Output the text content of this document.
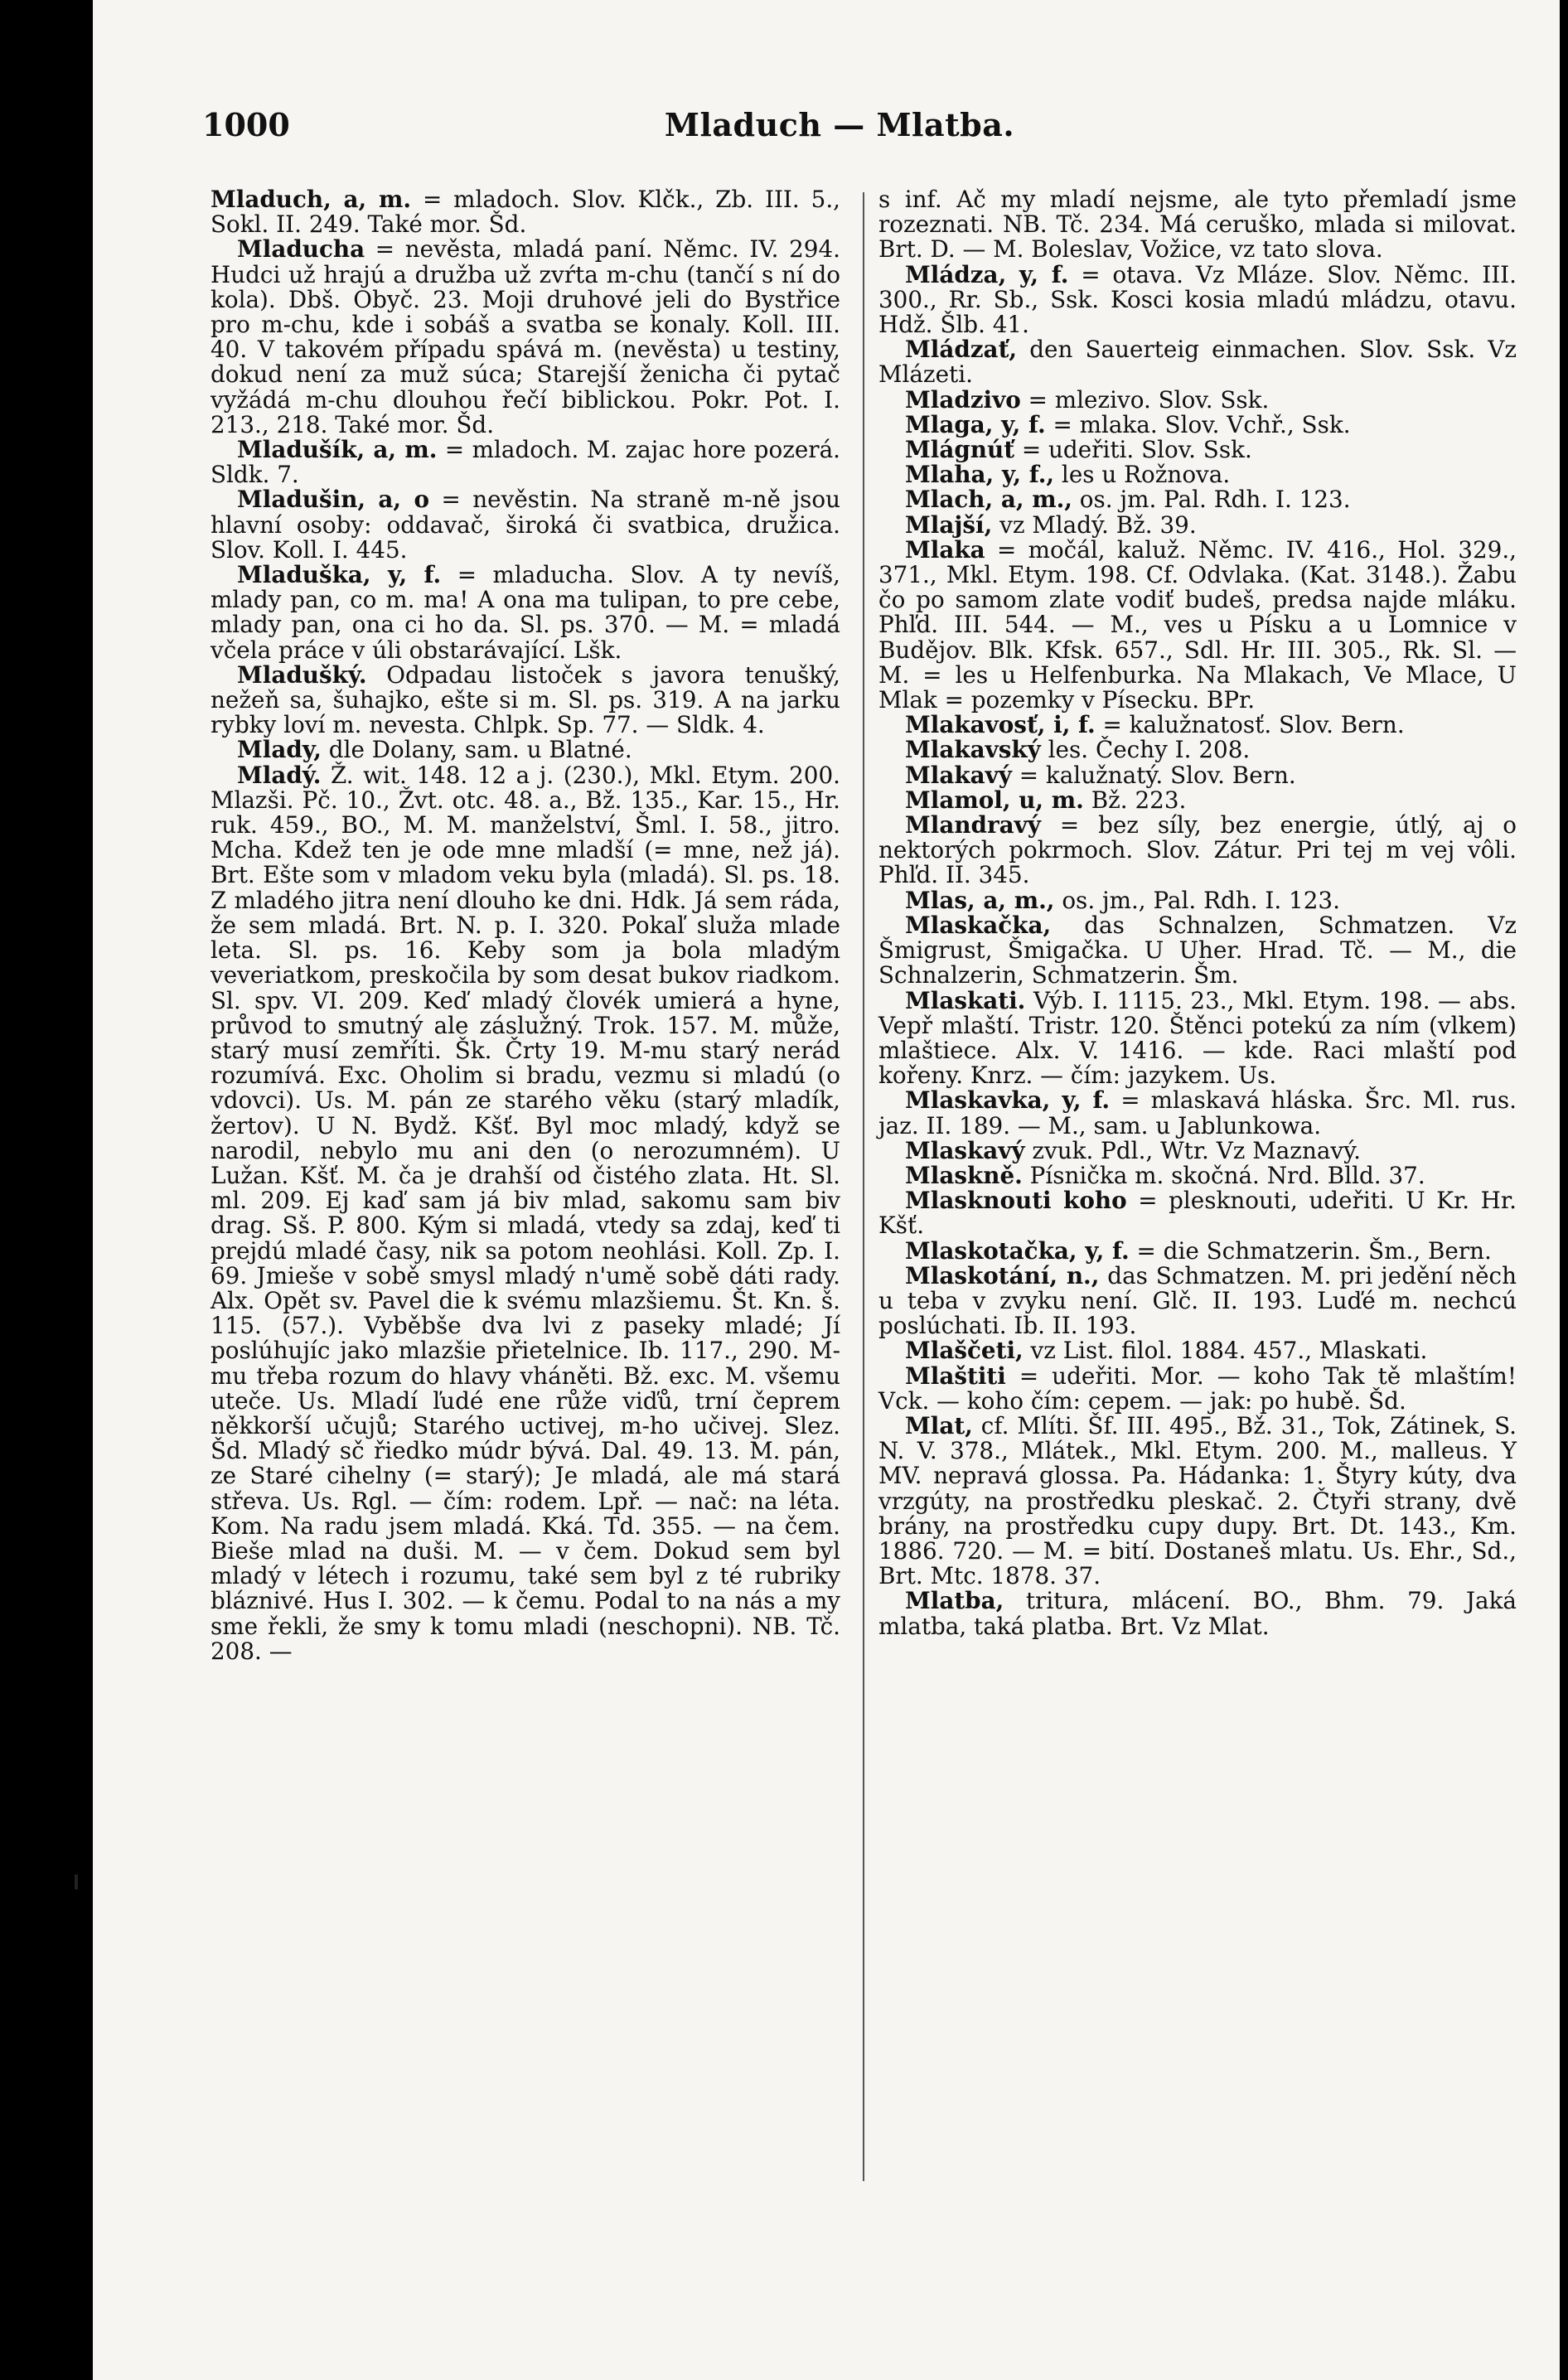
1000	Mladuch — Mlatba.

Mladuch, a, m. = mladoch. Slov. Klčk., Zb. III. 5., Sokl. II. 249. Také mor. Šd.

Mladucha = nevěsta, mladá paní. Němc. IV. 294. Hudci už hrajú a družba už zvŕta m-chu (tančí s ní do kola). Dbš. Obyč. 23. Moji druhové jeli do Bystřice pro m-chu, kde i sobáš a svatba se konaly. Koll. III. 40. V takovém případu spává m. (nevěsta) u testiny, dokud není za muž súca; Starejší ženicha či pytač vyžádá m-chu dlouhou řečí biblickou. Pokr. Pot. I. 213., 218. Také mor. Šd.

Mladušík, a, m. = mladoch. M. zajac hore pozerá. Sldk. 7.

Mladušin, a, o = nevěstin. Na straně m-ně jsou hlavní osoby: oddavač, široká či svatbica, družica. Slov. Koll. I. 445.

Mladuška, y, f. = mladucha. Slov. A ty nevíš, mlady pan, co m. ma! A ona ma tulipan, to pre cebe, mlady pan, ona ci ho da. Sl. ps. 370. — M. = mladá včela práce v úli obstarávající. Lšk.

Mladušký. Odpadau listoček s javora tenušký, nežeň sa, šuhajko, ešte si m. Sl. ps. 319. A na jarku rybky loví m. nevesta. Chlpk. Sp. 77. — Sldk. 4.

Mlady, dle Dolany, sam. u Blatné.

Mladý. Ž. wit. 148. 12 a j. (230.), Mkl. Etym. 200. Mlazši. Pč. 10., Žvt. otc. 48. a., Bž. 135., Kar. 15., Hr. ruk. 459., BO., M. M. manželství, Šml. I. 58., jitro. Mcha. Kdež ten je ode mne mladší (= mne, než já). Brt. Ešte som v mladom veku byla (mladá). Sl. ps. 18. Z mladého jitra není dlouho ke dni. Hdk. Já sem ráda, že sem mladá. Brt. N. p. I. 320. Pokaľ služa mlade leta. Sl. ps. 16. Keby som ja bola mladým veveriatkom, preskočila by som desat bukov riadkom. Sl. spv. VI. 209. Keď mladý človék umierá a hyne, průvod to smutný ale záslužný. Trok. 157. M. může, starý musí zemříti. Šk. Črty 19. M-mu starý nerád rozumívá. Exc. Oholim si bradu, vezmu si mladú (o vdovci). Us. M. pán ze starého věku (starý mladík, žertov). U N. Bydž. Kšť. Byl moc mladý, když se narodil, nebylo mu ani den (o nerozumném). U Lužan. Kšť. M. ča je drahší od čistého zlata. Ht. Sl. ml. 209. Ej kaď sam já biv mlad, sakomu sam biv drag. Sš. P. 800. Kým si mladá, vtedy sa zdaj, keď ti prejdú mladé časy, nik sa potom neohlási. Koll. Zp. I. 69. Jmieše v sobě smysl mladý n'umě sobě dáti rady. Alx. Opět sv. Pavel die k svému mlazšiemu. Št. Kn. š. 115. (57.). Vyběbše dva lvi z paseky mladé; Jí poslúhujíc jako mlazšie přietelnice. Ib. 117., 290. M-mu třeba rozum do hlavy vháněti. Bž. exc. M. všemu uteče. Us. Mladí ľudé ene růže viďů, trní čeprem někkorší učujů; Starého uctivej, m-ho učivej. Slez. Šd. Mladý sč řiedko múdr bývá. Dal. 49. 13. M. pán, ze Staré cihelny (= starý); Je mladá, ale má stará střeva. Us. Rgl. — čím: rodem. Lpř. — nač: na léta. Kom. Na radu jsem mladá. Kká. Td. 355. — na čem. Bieše mlad na duši. M. — v čem. Dokud sem byl mladý v létech i rozumu, také sem byl z té rubriky bláznivé. Hus I. 302. — k čemu. Podal to na nás a my sme řekli, že smy k tomu mladi (neschopni). NB. Tč. 208. —

s inf. Ač my mladí nejsme, ale tyto přemladí jsme rozeznati. NB. Tč. 234. Má ceruško, mlada si milovat. Brt. D. — M. Boleslav, Vožice, vz tato slova.

Mládza, y, f. = otava. Vz Mláze. Slov. Němc. III. 300., Rr. Sb., Ssk. Kosci kosia mladú mládzu, otavu. Hdž. Šlb. 41.

Mládzať, den Sauerteig einmachen. Slov. Ssk. Vz Mlázeti.

Mladzivo = mlezivo. Slov. Ssk.

Mlaga, y, f. = mlaka. Slov. Vchř., Ssk.

Mlágnúť = udeřiti. Slov. Ssk.

Mlaha, y, f., les u Rožnova.

Mlach, a, m., os. jm. Pal. Rdh. I. 123.

Mlajší, vz Mladý. Bž. 39.

Mlaka = močál, kaluž. Němc. IV. 416., Hol. 329., 371., Mkl. Etym. 198. Cf. Odvlaka. (Kat. 3148.). Žabu čo po samom zlate vodiť budeš, predsa najde mláku. Phľd. III. 544. — M., ves u Písku a u Lomnice v Budějov. Blk. Kfsk. 657., Sdl. Hr. III. 305., Rk. Sl. — M. = les u Helfenburka. Na Mlakach, Ve Mlace, U Mlak = pozemky v Písecku. BPr.

Mlakavosť, i, f. = kalužnatosť. Slov. Bern.

Mlakavský les. Čechy I. 208.

Mlakavý = kalužnatý. Slov. Bern.

Mlamol, u, m. Bž. 223.

Mlandravý = bez síly, bez energie, útlý, aj o nektorých pokrmoch. Slov. Zátur. Pri tej m vej vôli. Phľd. II. 345.

Mlas, a, m., os. jm., Pal. Rdh. I. 123.

Mlaskačka, das Schnalzen, Schmatzen. Vz Šmigrust, Šmigačka. U Uher. Hrad. Tč. — M., die Schnalzerin, Schmatzerin. Šm.

Mlaskati. Výb. I. 1115. 23., Mkl. Etym. 198. — abs. Vepř mlaští. Tristr. 120. Štěnci potekú za ním (vlkem) mlaštiece. Alx. V. 1416. — kde. Raci mlaští pod kořeny. Knrz. — čím: jazykem. Us.

Mlaskavka, y, f. = mlaskavá hláska. Šrc. Ml. rus. jaz. II. 189. — M., sam. u Jablunkowa.

Mlaskavý zvuk. Pdl., Wtr. Vz Maznavý.

Mlaskně. Písnička m. skočná. Nrd. Blld. 37.

Mlasknouti koho = plesknouti, udeřiti. U Kr. Hr. Kšť.

Mlaskotačka, y, f. = die Schmatzerin. Šm., Bern.

Mlaskotání, n., das Schmatzen. M. pri jedění něch u teba v zvyku není. Glč. II. 193. Luďé m. nechcú poslúchati. Ib. II. 193.

Mlaščeti, vz List. filol. 1884. 457., Mlaskati.

Mlaštiti = udeřiti. Mor. — koho Tak tě mlaštím! Vck. — koho čím: cepem. — jak: po hubě. Šd.

Mlat, cf. Mlíti. Šf. III. 495., Bž. 31., Tok, Zátinek, S. N. V. 378., Mlátek., Mkl. Etym. 200. M., malleus. Y MV. nepravá glossa. Pa. Hádanka: 1. Štyry kúty, dva vrzgúty, na prostředku pleskač. 2. Čtyři strany, dvě brány, na prostředku cupy dupy. Brt. Dt. 143., Km. 1886. 720. — M. = bití. Dostaneš mlatu. Us. Ehr., Sd., Brt. Mtc. 1878. 37.

Mlatba, tritura, mlácení. BO., Bhm. 79. Jaká mlatba, taká platba. Brt. Vz Mlat.
